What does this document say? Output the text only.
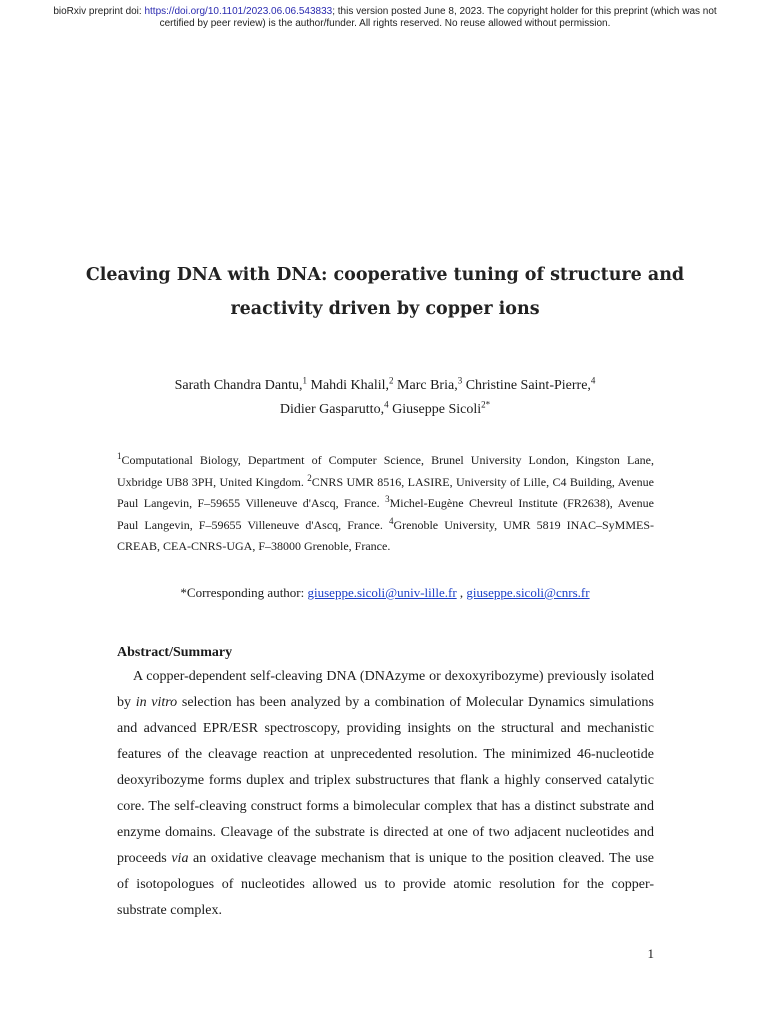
bioRxiv preprint doi: https://doi.org/10.1101/2023.06.06.543833; this version posted June 8, 2023. The copyright holder for this preprint (which was not certified by peer review) is the author/funder. All rights reserved. No reuse allowed without permission.
Cleaving DNA with DNA: cooperative tuning of structure and
reactivity driven by copper ions
Sarath Chandra Dantu,$^1$ Mahdi Khalil,$^2$ Marc Bria,$^3$ Christine Saint-Pierre,$^4$
Didier Gasparutto,$^4$ Giuseppe Sicoli$^{2*}$
$^1$Computational Biology, Department of Computer Science, Brunel University London, Kingston Lane, Uxbridge UB8 3PH, United Kingdom. $^2$CNRS UMR 8516, LASIRE, University of Lille, C4 Building, Avenue Paul Langevin, F–59655 Villeneuve d'Ascq, France. $^3$Michel-Eugène Chevreul Institute (FR2638), Avenue Paul Langevin, F–59655 Villeneuve d'Ascq, France. $^4$Grenoble University, UMR 5819 INAC–SyMMES-CREAB, CEA-CNRS-UGA, F–38000 Grenoble, France.
*Corresponding author: giuseppe.sicoli@univ-lille.fr , giuseppe.sicoli@cnrs.fr
Abstract/Summary
A copper-dependent self-cleaving DNA (DNAzyme or dexoxyribozyme) previously isolated by in vitro selection has been analyzed by a combination of Molecular Dynamics simulations and advanced EPR/ESR spectroscopy, providing insights on the structural and mechanistic features of the cleavage reaction at unprecedented resolution. The minimized 46-nucleotide deoxyribozyme forms duplex and triplex substructures that flank a highly conserved catalytic core. The self-cleaving construct forms a bimolecular complex that has a distinct substrate and enzyme domains. Cleavage of the substrate is directed at one of two adjacent nucleotides and proceeds via an oxidative cleavage mechanism that is unique to the position cleaved. The use of isotopologues of nucleotides allowed us to provide atomic resolution for the copper-substrate complex.
1
